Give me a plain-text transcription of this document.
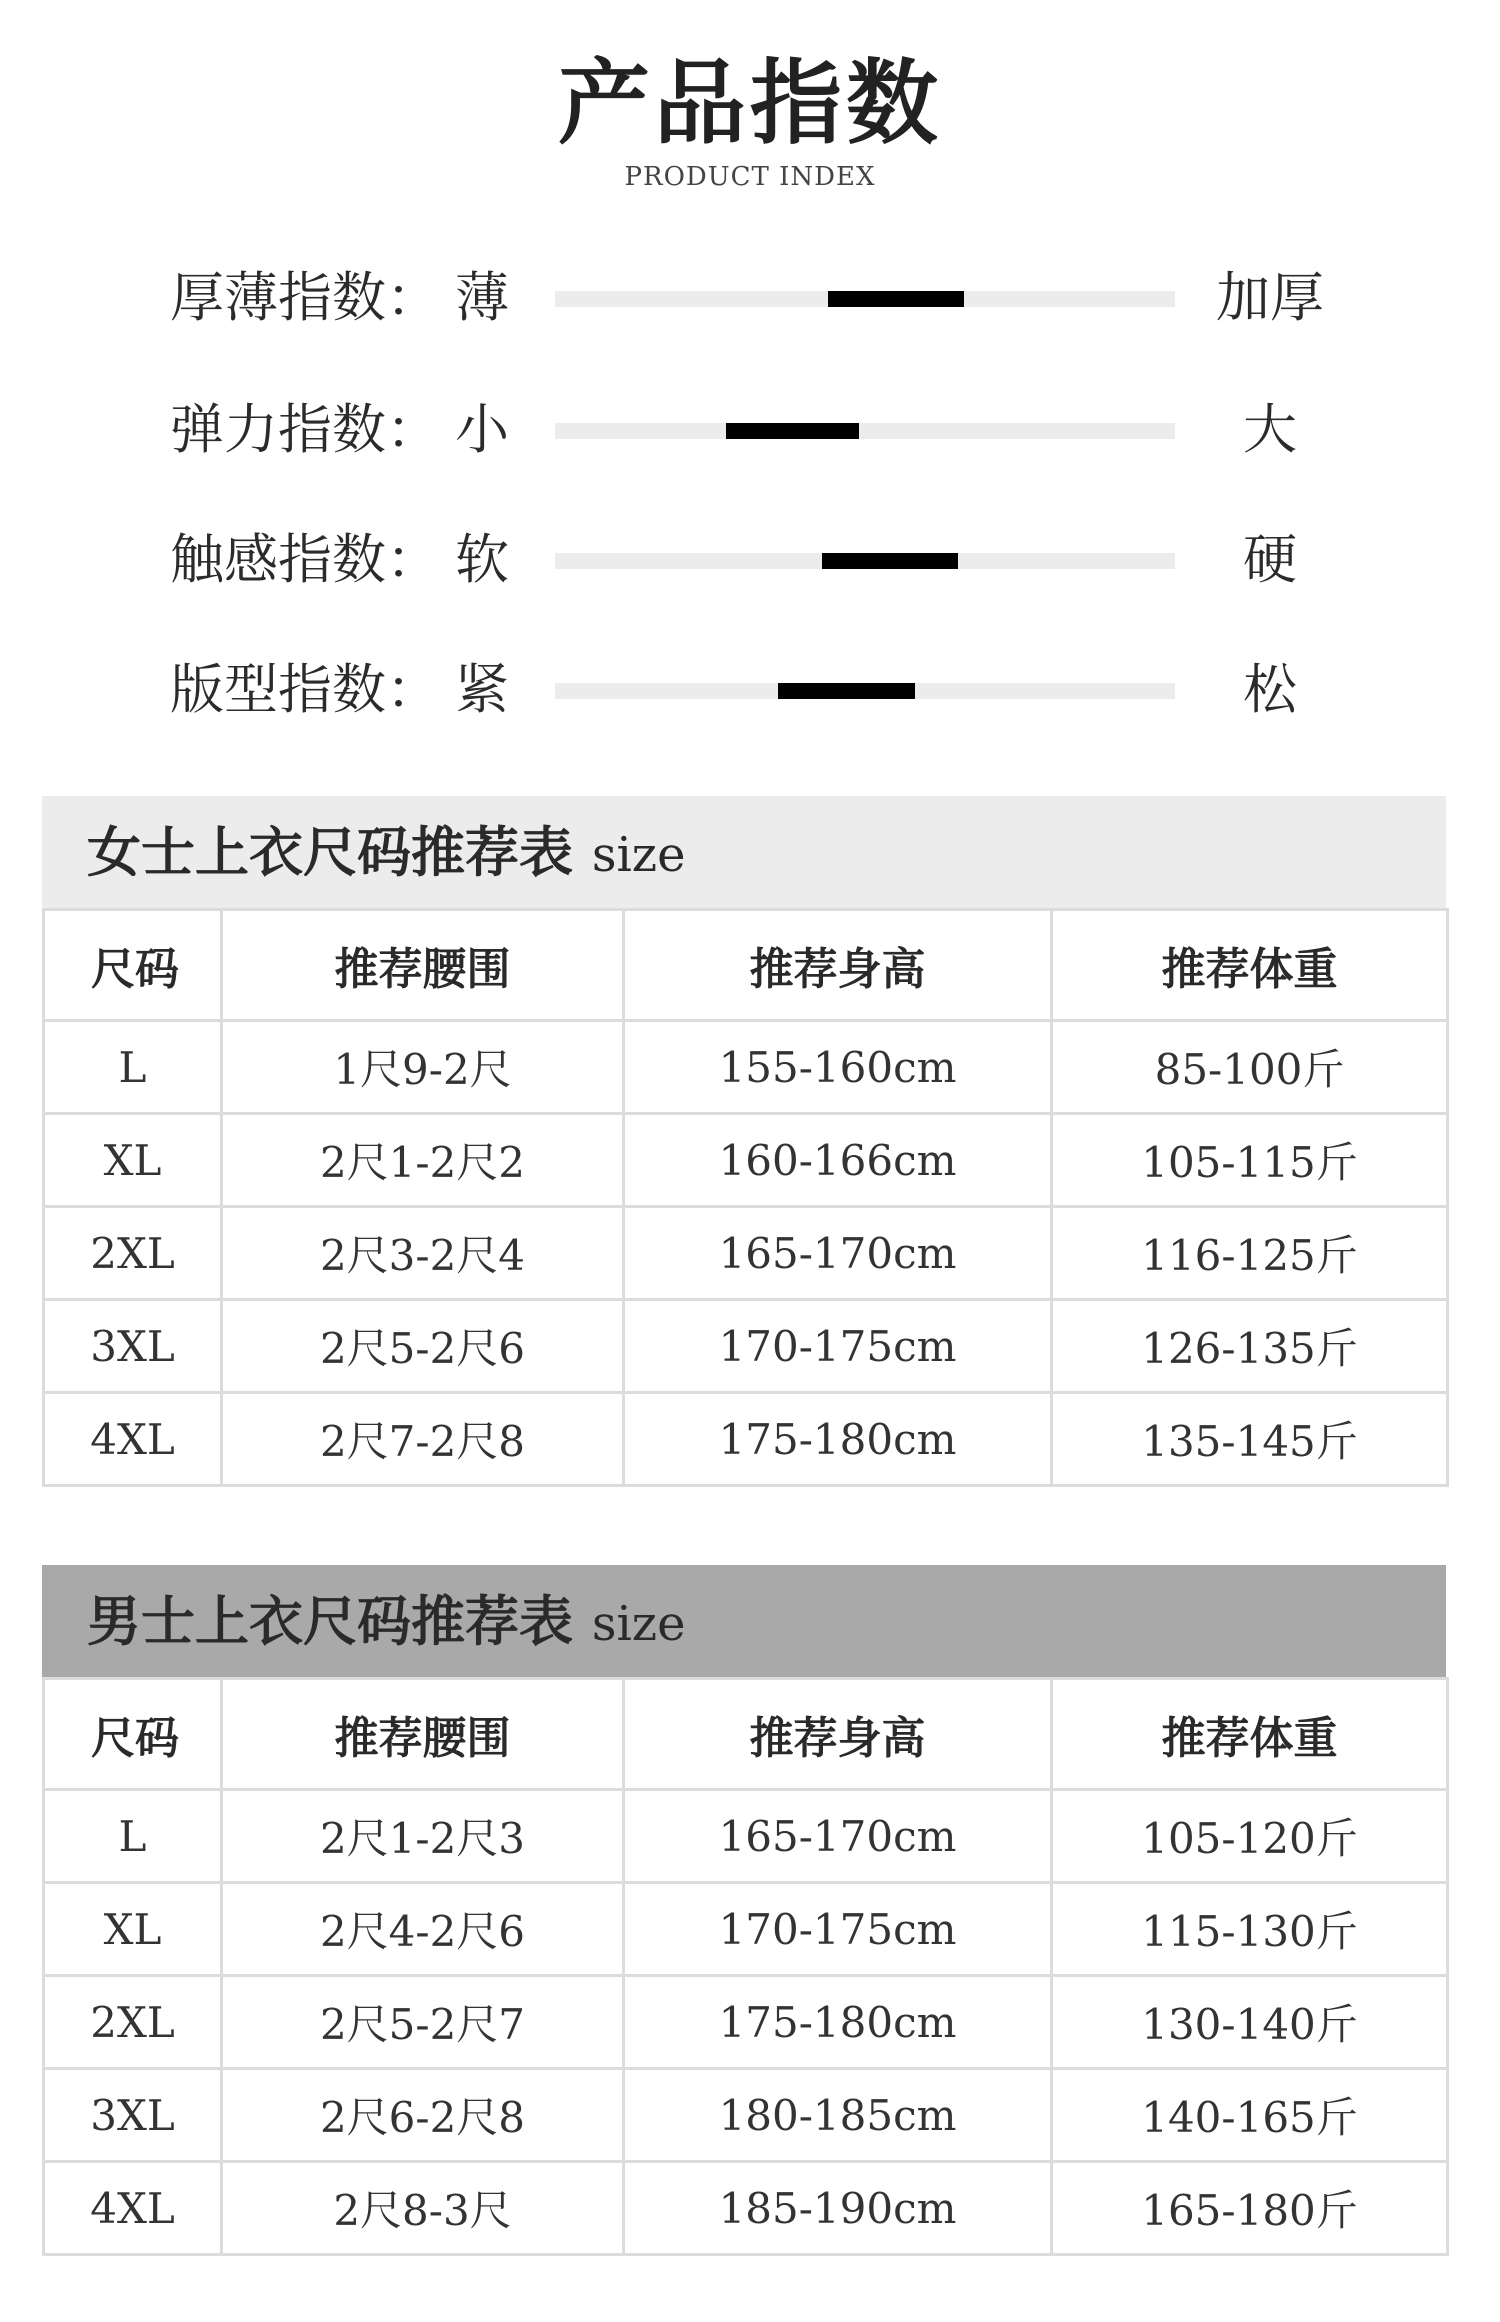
产品指数
PRODUCT INDEX
厚薄指数： 薄	加厚
弹力指数： 小	大
触感指数： 软	硬
版型指数： 紧	松
女士上衣尺码推荐表 size
尺码	推荐腰围	推荐身高	推荐体重
L	1尺9-2尺	155-160cm	85-100斤
XL	2尺1-2尺2	160-166cm	105-115斤
2XL	2尺3-2尺4	165-170cm	116-125斤
3XL	2尺5-2尺6	170-175cm	126-135斤
4XL	2尺7-2尺8	175-180cm	135-145斤
男士上衣尺码推荐表 size
尺码	推荐腰围	推荐身高	推荐体重
L	2尺1-2尺3	165-170cm	105-120斤
XL	2尺4-2尺6	170-175cm	115-130斤
2XL	2尺5-2尺7	175-180cm	130-140斤
3XL	2尺6-2尺8	180-185cm	140-165斤
4XL	2尺8-3尺	185-190cm	165-180斤
